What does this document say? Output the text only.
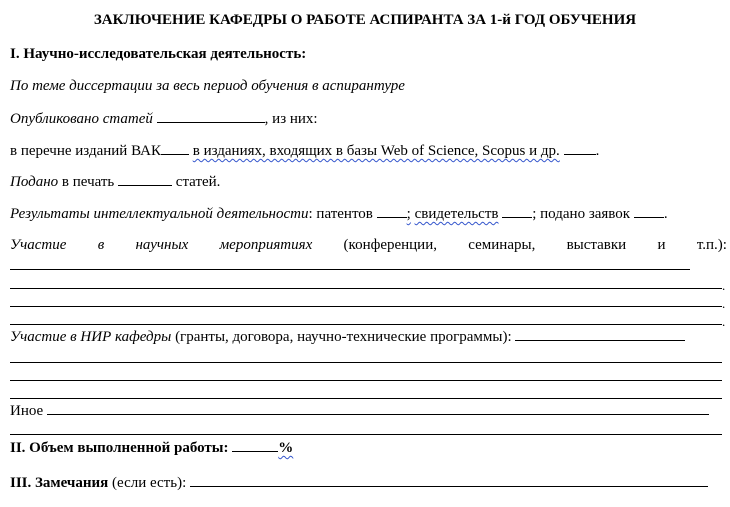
ЗАКЛЮЧЕНИЕ КАФЕДРЫ О РАБОТЕ АСПИРАНТА ЗА 1-й ГОД ОБУЧЕНИЯ
I. Научно-исследовательская деятельность:
По теме диссертации за весь период обучения в аспирантуре
Опубликовано статей	, из них:
в перечне изданий ВАК в изданиях, входящих в базы Web of Science, Scopus и др. .
Подано в печать	статей.
Результаты интеллектуальной деятельности: патентов ; свидетельств ; подано заявок .
Участие в научных мероприятиях (конференции, семинары, выставки и т.п.):
.
.
.
Участие в НИР кафедры (гранты, договора, научно-технические программы):
Иное
II. Объем выполненной работы:	%
III. Замечания (если есть):
